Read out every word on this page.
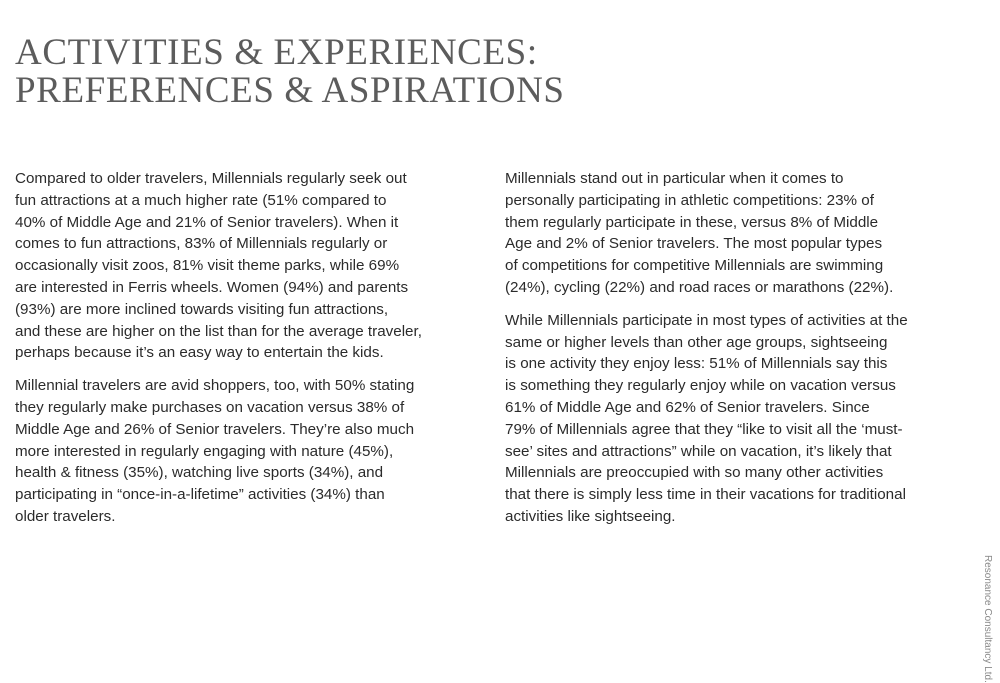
ACTIVITIES & EXPERIENCES:
PREFERENCES & ASPIRATIONS

Compared to older travelers, Millennials regularly seek out
fun attractions at a much higher rate (51% compared to
40% of Middle Age and 21% of Senior travelers). When it
comes to fun attractions, 83% of Millennials regularly or
occasionally visit zoos, 81% visit theme parks, while 69%
are interested in Ferris wheels. Women (94%) and parents
(93%) are more inclined towards visiting fun attractions,
and these are higher on the list than for the average traveler,
perhaps because it’s an easy way to entertain the kids.

Millennial travelers are avid shoppers, too, with 50% stating
they regularly make purchases on vacation versus 38% of
Middle Age and 26% of Senior travelers. They’re also much
more interested in regularly engaging with nature (45%),
health & fitness (35%), watching live sports (34%), and
participating in “once-in-a-lifetime” activities (34%) than
older travelers.

Millennials stand out in particular when it comes to
personally participating in athletic competitions: 23% of
them regularly participate in these, versus 8% of Middle
Age and 2% of Senior travelers. The most popular types
of competitions for competitive Millennials are swimming
(24%), cycling (22%) and road races or marathons (22%).

While Millennials participate in most types of activities at the
same or higher levels than other age groups, sightseeing
is one activity they enjoy less: 51% of Millennials say this
is something they regularly enjoy while on vacation versus
61% of Middle Age and 62% of Senior travelers. Since
79% of Millennials agree that they “like to visit all the ‘must-
see’ sites and attractions” while on vacation, it’s likely that
Millennials are preoccupied with so many other activities
that there is simply less time in their vacations for traditional
activities like sightseeing.

Resonance Consultancy Ltd.
